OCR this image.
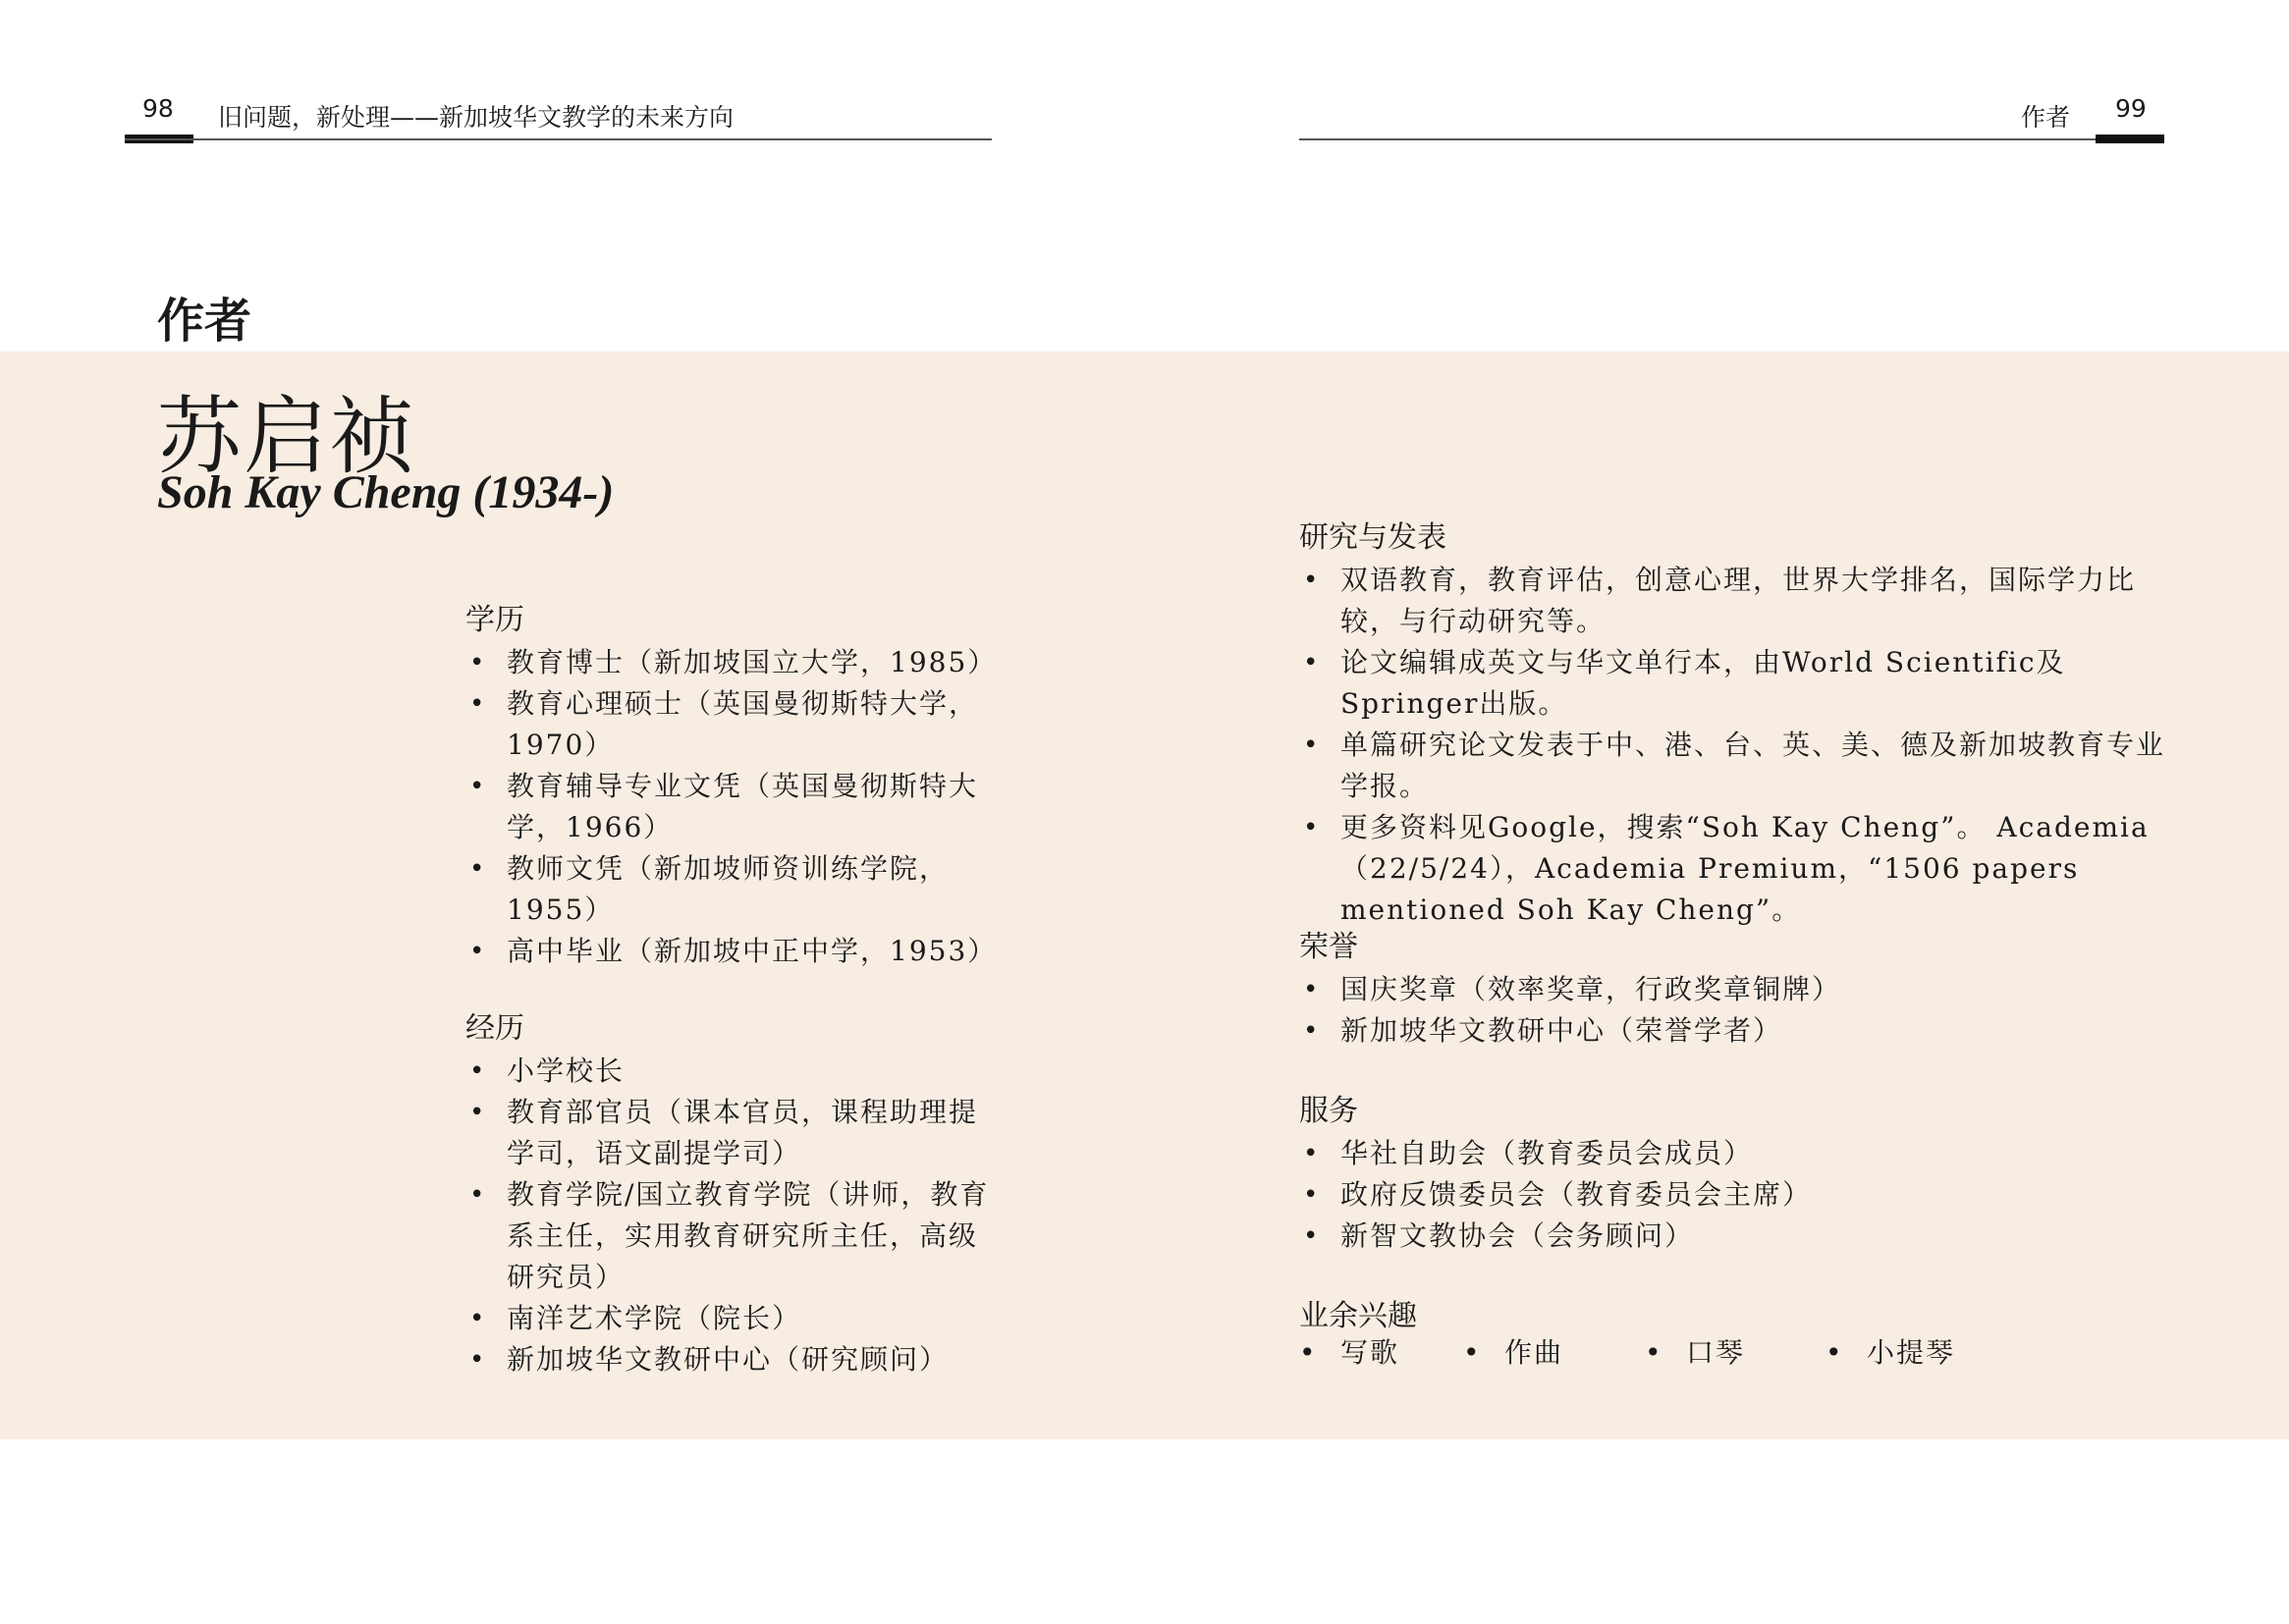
98 旧问题，新处理——新加坡华文教学的未来方向	作者 99
作者
苏启祯
Soh Kay Cheng (1934-)
学历
• 教育博士（新加坡国立大学，1985）
• 教育心理硕士（英国曼彻斯特大学，1970）
• 教育辅导专业文凭（英国曼彻斯特大学，1966）
• 教师文凭（新加坡师资训练学院，1955）
• 高中毕业（新加坡中正中学，1953）
经历
• 小学校长
• 教育部官员（课本官员，课程助理提学司，语文副提学司）
• 教育学院/国立教育学院（讲师，教育系主任，实用教育研究所主任，高级研究员）
• 南洋艺术学院（院长）
• 新加坡华文教研中心（研究顾问）
研究与发表
• 双语教育，教育评估，创意心理，世界大学排名，国际学力比较，与行动研究等。
• 论文编辑成英文与华文单行本，由World Scientific及Springer出版。
• 单篇研究论文发表于中、港、台、英、美、德及新加坡教育专业学报。
• 更多资料见Google，搜索“Soh Kay Cheng”。 Academia（22/5/24），Academia Premium，“1506 papers mentioned Soh Kay Cheng”。
荣誉
• 国庆奖章（效率奖章，行政奖章铜牌）
• 新加坡华文教研中心（荣誉学者）
服务
• 华社自助会（教育委员会成员）
• 政府反馈委员会（教育委员会主席）
• 新智文教协会（会务顾问）
业余兴趣
• 写歌 • 作曲	• 口琴	• 小提琴
